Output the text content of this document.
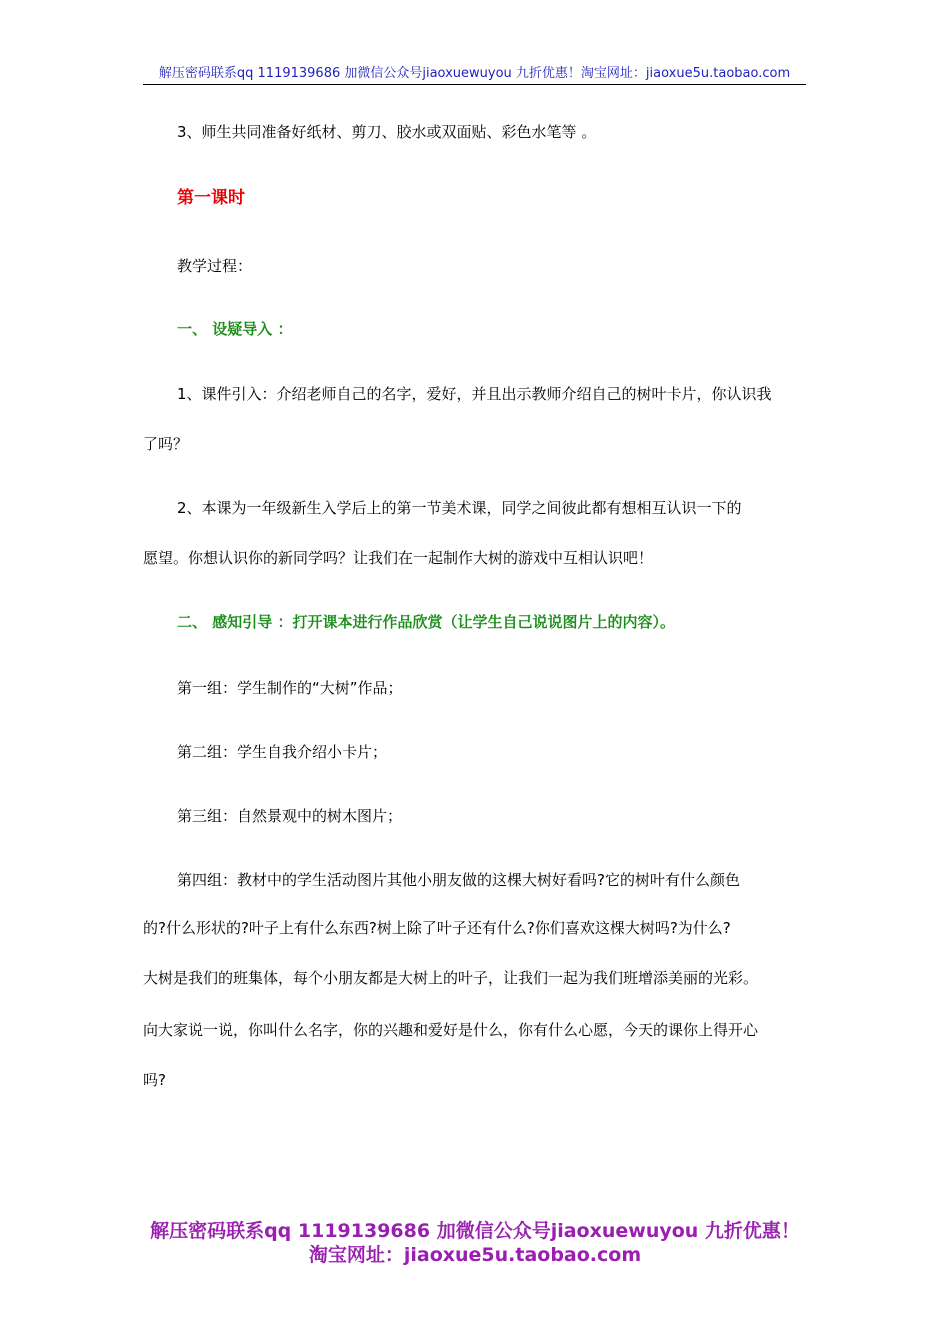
解压密码联系qq 1119139686 加微信公众号jiaoxuewuyou 九折优惠！淘宝网址：jiaoxue5u.taobao.com
3、师生共同准备好纸材、剪刀、胶水或双面贴、彩色水笔等 。
第一课时
教学过程：
一、 设疑导入 ：
1、课件引入：介绍老师自己的名字，爱好，并且出示教师介绍自己的树叶卡片，你认识我
了吗？
2、本课为一年级新生入学后上的第一节美术课，同学之间彼此都有想相互认识一下的
愿望。你想认识你的新同学吗？让我们在一起制作大树的游戏中互相认识吧！
二、 感知引导 ：打开课本进行作品欣赏（让学生自己说说图片上的内容）。
第一组：学生制作的“大树”作品；
第二组：学生自我介绍小卡片；
第三组：自然景观中的树木图片；
第四组：教材中的学生活动图片其他小朋友做的这棵大树好看吗?它的树叶有什么颜色
的?什么形状的?叶子上有什么东西?树上除了叶子还有什么?你们喜欢这棵大树吗?为什么?
大树是我们的班集体，每个小朋友都是大树上的叶子，让我们一起为我们班增添美丽的光彩。
向大家说一说，你叫什么名字，你的兴趣和爱好是什么，你有什么心愿，今天的课你上得开心
吗?
解压密码联系qq 1119139686 加微信公众号jiaoxuewuyou 九折优惠！
淘宝网址：jiaoxue5u.taobao.com
